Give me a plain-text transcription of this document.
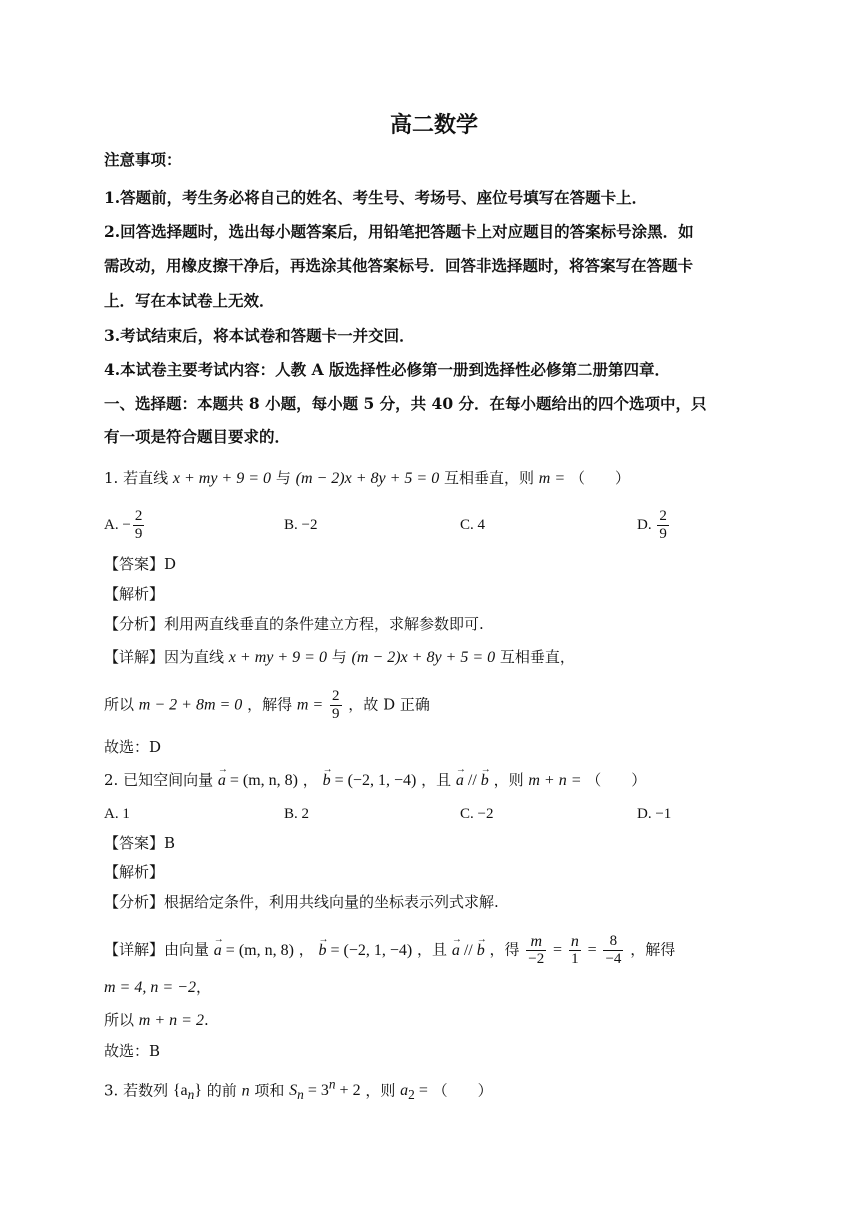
高二数学
注意事项：
1.答题前，考生务必将自己的姓名、考生号、考场号、座位号填写在答题卡上．
2.回答选择题时，选出每小题答案后，用铅笔把答题卡上对应题目的答案标号涂黑．如
需改动，用橡皮擦干净后，再选涂其他答案标号．回答非选择题时，将答案写在答题卡
上．写在本试卷上无效．
3.考试结束后，将本试卷和答题卡一并交回．
4.本试卷主要考试内容：人教 A 版选择性必修第一册到选择性必修第二册第四章．
一、选择题：本题共 8 小题，每小题 5 分，共 40 分．在每小题给出的四个选项中，只
有一项是符合题目要求的．
1. 若直线 x + my + 9 = 0 与 (m − 2)x + 8y + 5 = 0 互相垂直，则 m = （　　）
A. − $\frac{2}{9}$	B. −2	C. 4	D. $\frac{2}{9}$
【答案】D
【解析】
【分析】利用两直线垂直的条件建立方程，求解参数即可.
【详解】因为直线 x + my + 9 = 0 与 (m − 2)x + 8y + 5 = 0 互相垂直，
所以 m − 2 + 8m = 0 ，解得 $m = \frac{2}{9}$ ，故 D 正确
故选：D
2. 已知空间向量 → a = (m, n, 8) ， → b = (−2, 1, −4) ，且 → a // → b ，则 m + n = （　　）
A. 1	B. 2	C. −2	D. −1
【答案】B
【解析】
【分析】根据给定条件，利用共线向量的坐标表示列式求解.
【详解】由向量 → a = (m, n, 8) ， → b = (−2, 1, −4) ，且 → a // → b ，得 $\frac{m}{-2} = \frac{n}{1} = \frac{8}{-4}$ ，解得
m = 4, n = −2，
所以 m + n = 2.
故选：B
3. 若数列 $\{a_n\}$ 的前 n 项和 $S_n = 3^n + 2$ ，则 $a_2$ = （　　）
